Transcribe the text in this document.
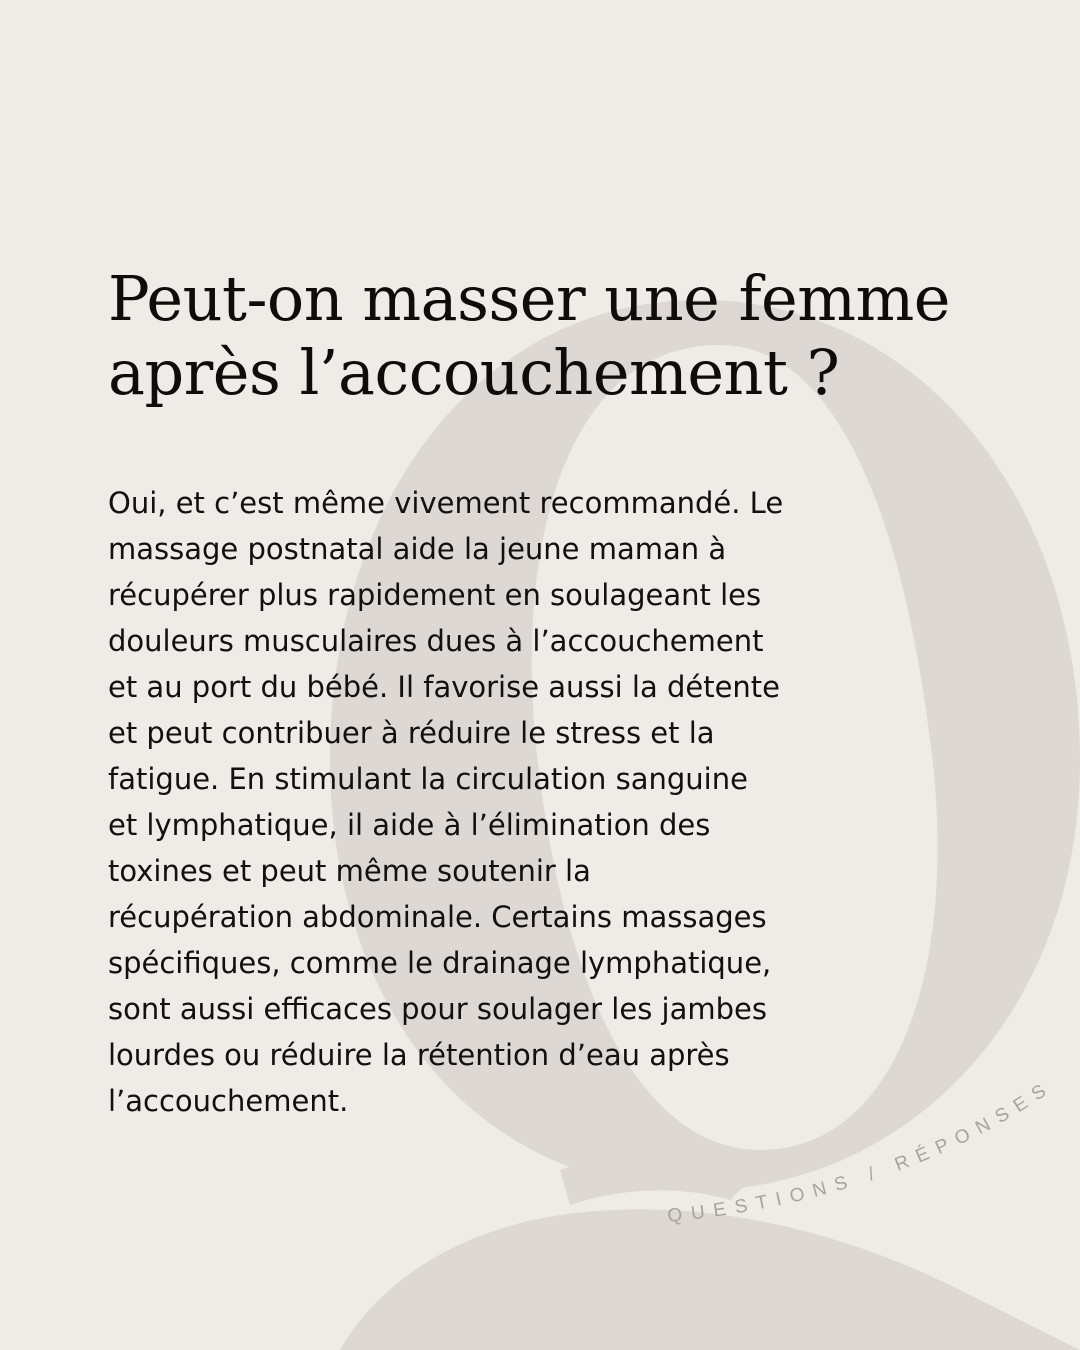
Peut-on masser une femme
après l’accouchement ?
Oui, et c’est même vivement recommandé. Le
massage postnatal aide la jeune maman à
récupérer plus rapidement en soulageant les
douleurs musculaires dues à l’accouchement
et au port du bébé. Il favorise aussi la détente
et peut contribuer à réduire le stress et la
fatigue. En stimulant la circulation sanguine
et lymphatique, il aide à l’élimination des
toxines et peut même soutenir la
récupération abdominale. Certains massages
spécifiques, comme le drainage lymphatique,
sont aussi efficaces pour soulager les jambes
lourdes ou réduire la rétention d’eau après
l’accouchement.
QUESTIONS / RÉPONSES
